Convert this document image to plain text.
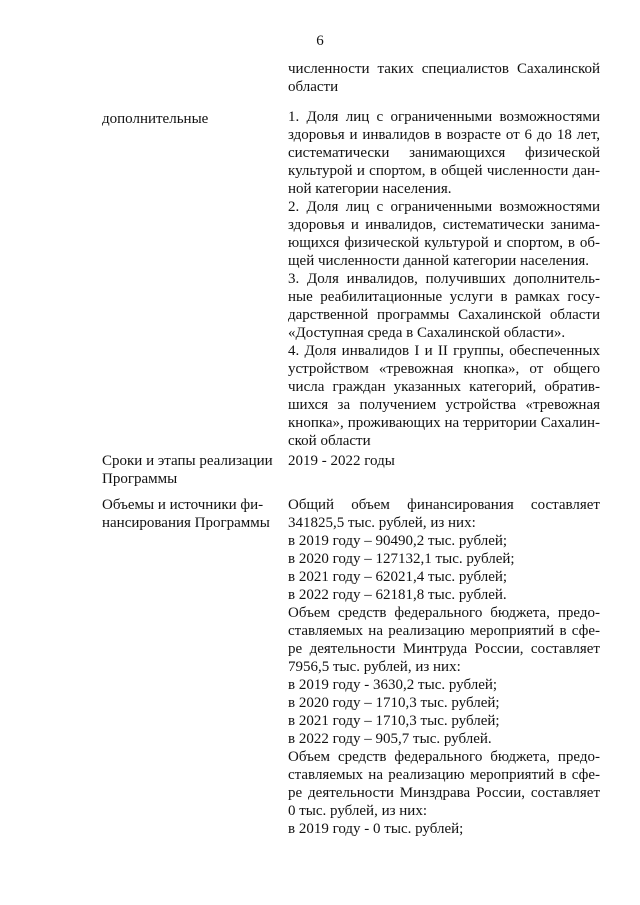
6
численности таких специалистов Сахалинской
области
дополнительные	1. Доля лиц с ограниченными возможностями
здоровья и инвалидов в возрасте от 6 до 18 лет,
систематически занимающихся физической
культурой и спортом, в общей численности дан-
ной категории населения.
2. Доля лиц с ограниченными возможностями
здоровья и инвалидов, систематически занима-
ющихся физической культурой и спортом, в об-
щей численности данной категории населения.
3. Доля инвалидов, получивших дополнитель-
ные реабилитационные услуги в рамках госу-
дарственной программы Сахалинской области
«Доступная среда в Сахалинской области».
4. Доля инвалидов I и II группы, обеспеченных
устройством «тревожная кнопка», от общего
числа граждан указанных категорий, обратив-
шихся за получением устройства «тревожная
кнопка», проживающих на территории Сахалин-
ской области
Сроки и этапы реализации
Программы
2019 - 2022 годы
Объемы и источники фи-
нансирования Программы
Общий объем финансирования составляет
341825,5 тыс. рублей, из них:
в 2019 году – 90490,2 тыс. рублей;
в 2020 году – 127132,1 тыс. рублей;
в 2021 году – 62021,4 тыс. рублей;
в 2022 году – 62181,8 тыс. рублей.
Объем средств федерального бюджета, предо-
ставляемых на реализацию мероприятий в сфе-
ре деятельности Минтруда России, составляет
7956,5 тыс. рублей, из них:
в 2019 году - 3630,2 тыс. рублей;
в 2020 году – 1710,3 тыс. рублей;
в 2021 году – 1710,3 тыс. рублей;
в 2022 году – 905,7 тыс. рублей.
Объем средств федерального бюджета, предо-
ставляемых на реализацию мероприятий в сфе-
ре деятельности Минздрава России, составляет
0 тыс. рублей, из них:
в 2019 году - 0 тыс. рублей;
